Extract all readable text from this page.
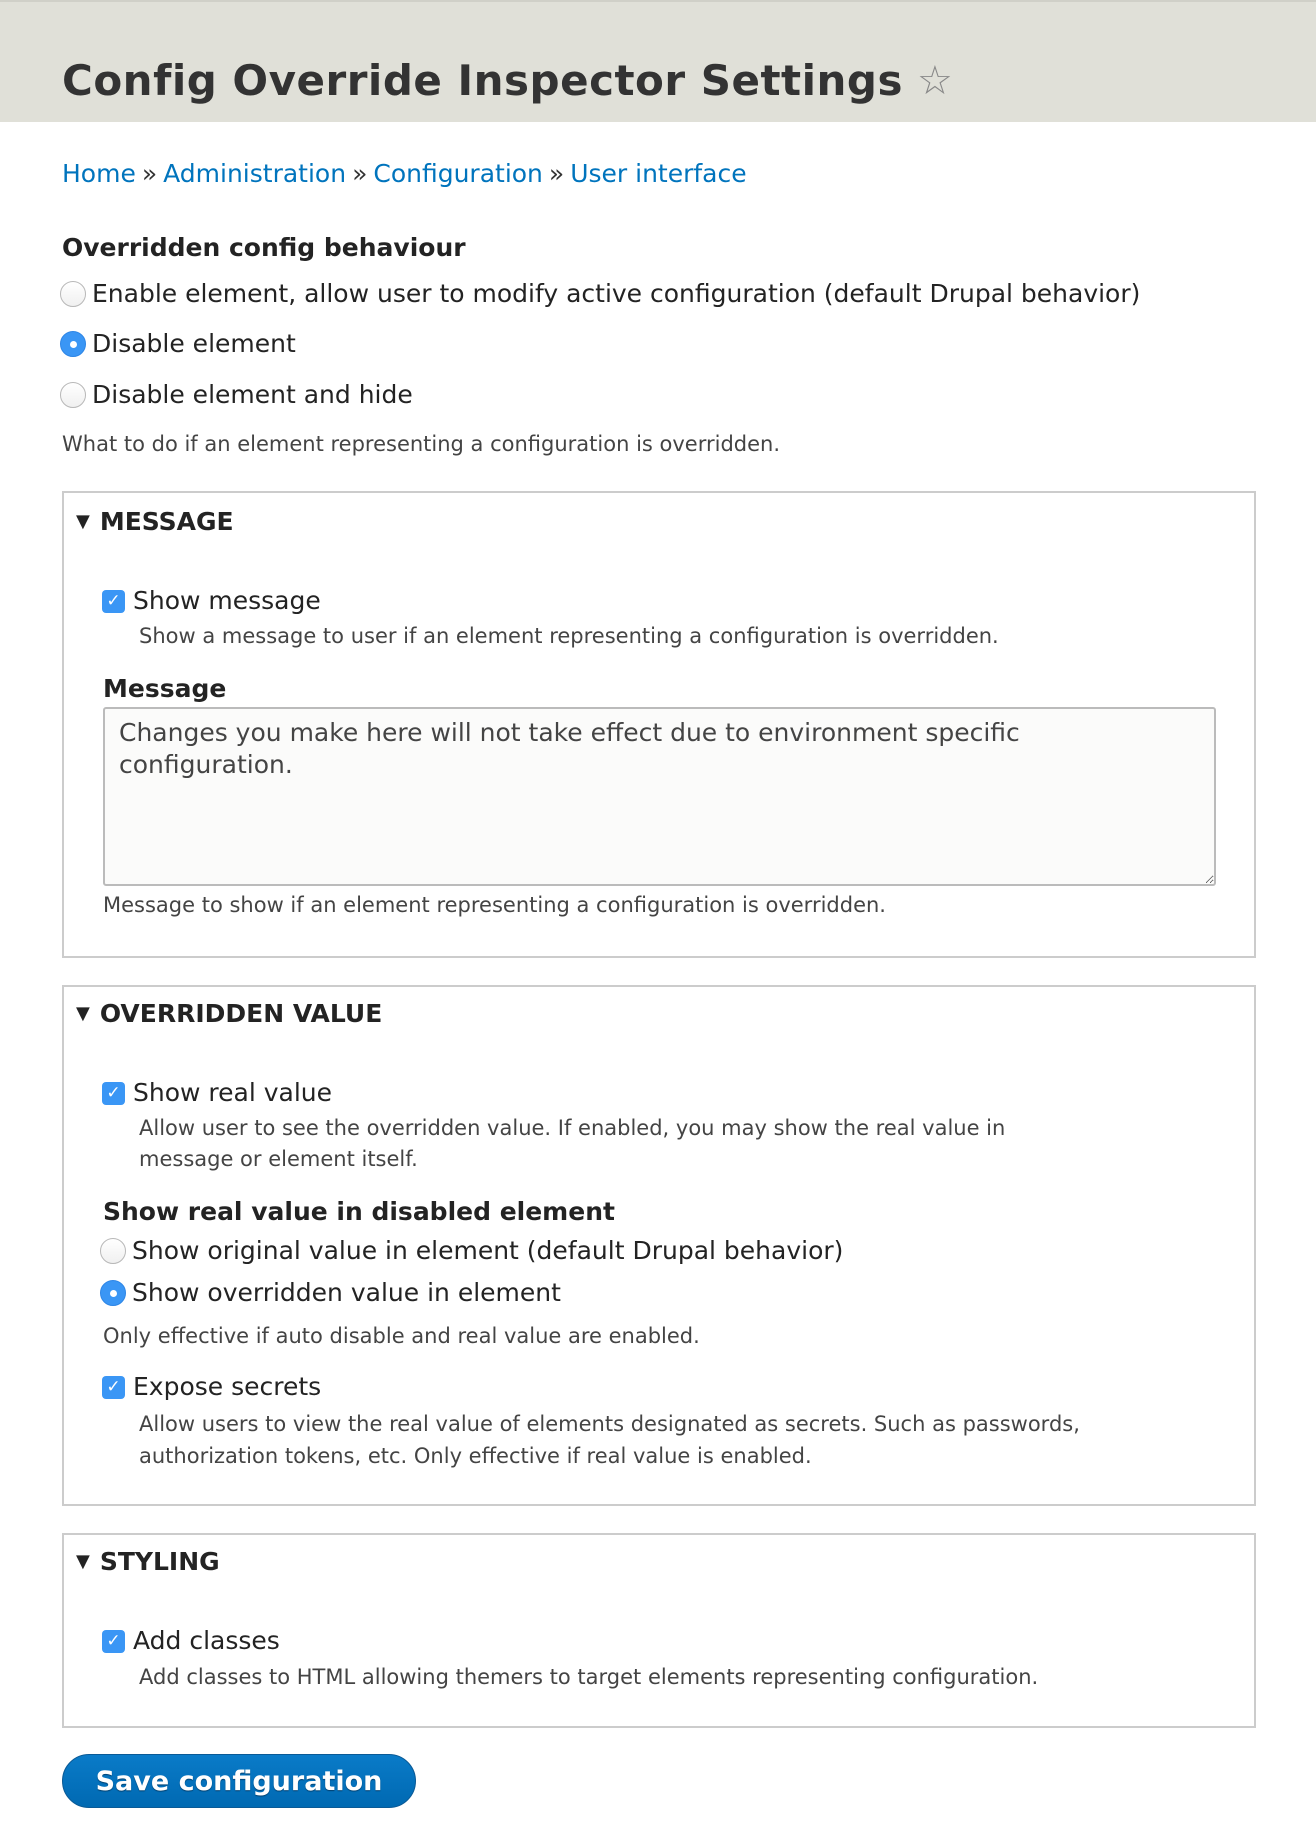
Config Override Inspector Settings ☆
Home » Administration » Configuration » User interface
Overridden config behaviour
Enable element, allow user to modify active configuration (default Drupal behavior)
Disable element
Disable element and hide
What to do if an element representing a configuration is overridden.
▼ MESSAGE
✓ Show message
Show a message to user if an element representing a configuration is overridden.
Message
Changes you make here will not take effect due to environment specific configuration.
Message to show if an element representing a configuration is overridden.
▼ OVERRIDDEN VALUE
✓ Show real value
Allow user to see the overridden value. If enabled, you may show the real value in
message or element itself.
Show real value in disabled element
Show original value in element (default Drupal behavior)
Show overridden value in element
Only effective if auto disable and real value are enabled.
✓ Expose secrets
Allow users to view the real value of elements designated as secrets. Such as passwords,
authorization tokens, etc. Only effective if real value is enabled.
▼ STYLING
✓ Add classes
Add classes to HTML allowing themers to target elements representing configuration.
Save configuration
